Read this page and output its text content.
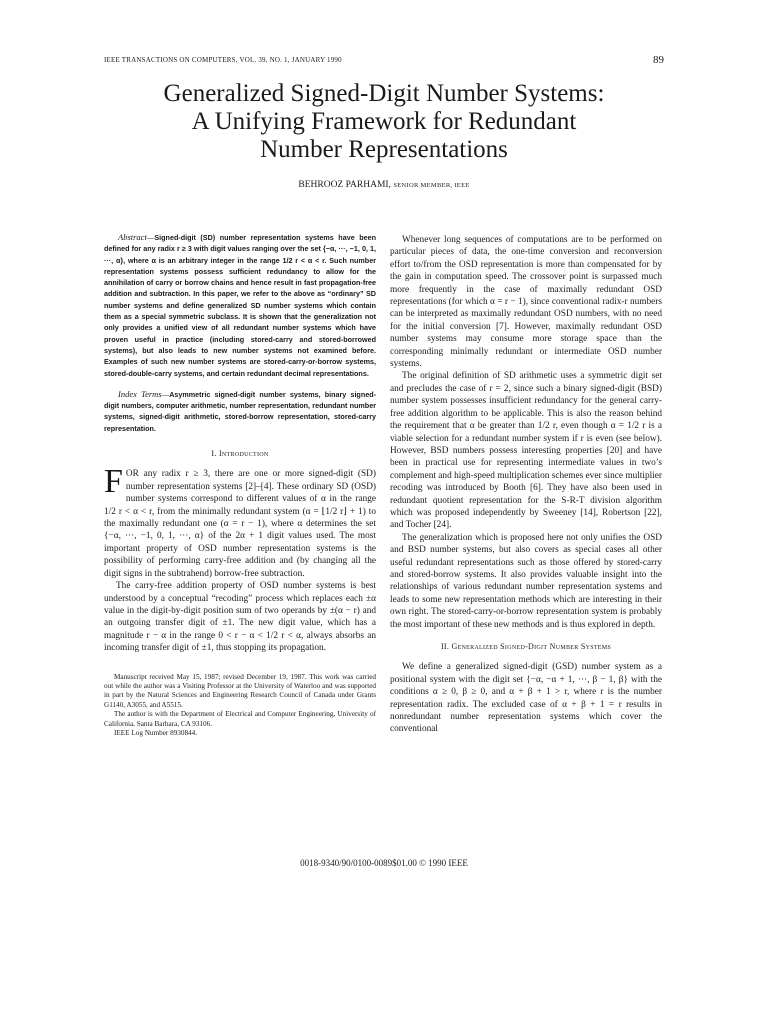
IEEE TRANSACTIONS ON COMPUTERS, VOL. 39, NO. 1, JANUARY 1990	89
Generalized Signed-Digit Number Systems:
A Unifying Framework for Redundant
Number Representations
BEHROOZ PARHAMI, SENIOR MEMBER, IEEE

Abstract—Signed-digit (SD) number representation systems have been defined for any radix r ≥ 3 with digit values ranging over the set {−α, ···, −1, 0, 1, ···, α}, where α is an arbitrary integer in the range 1/2 r < α < r. Such number representation systems possess sufficient redundancy to allow for the annihilation of carry or borrow chains and hence result in fast propagation-free addition and subtraction. In this paper, we refer to the above as “ordinary” SD number systems and define generalized SD number systems which contain them as a special symmetric subclass. It is shown that the generalization not only provides a unified view of all redundant number systems which have proven useful in practice (including stored-carry and stored-borrowed systems), but also leads to new number systems not examined before. Examples of such new number systems are stored-carry-or-borrow systems, stored-double-carry systems, and certain redundant decimal representations.

Index Terms—Asymmetric signed-digit number systems, binary signed-digit numbers, computer arithmetic, number representation, redundant number systems, signed-digit arithmetic, stored-borrow representation, stored-carry representation.

I. Introduction

FOR any radix r ≥ 3, there are one or more signed-digit (SD) number representation systems [2]–[4]. These ordinary SD (OSD) number systems correspond to different values of α in the range 1/2 r < α < r, from the minimally redundant system (α = ⌊1/2 r⌋ + 1) to the maximally redundant one (α = r − 1), where α determines the set {−α, ···, −1, 0, 1, ···, α} of the 2α + 1 digit values used. The most important property of OSD number representation systems is the possibility of performing carry-free addition and (by changing all the digit signs in the subtrahend) borrow-free subtraction.

The carry-free addition property of OSD number systems is best understood by a conceptual “recoding” process which replaces each ±α value in the digit-by-digit position sum of two operands by ±(α − r) and an outgoing transfer digit of ±1. The new digit value, which has a magnitude r − α in the range 0 < r − α < 1/2 r < α, always absorbs an incoming transfer digit of ±1, thus stopping its propagation.

Manuscript received May 15, 1987; revised December 19, 1987. This work was carried out while the author was a Visiting Professor at the University of Waterloo and was supported in part by the Natural Sciences and Engineering Research Council of Canada under Grants G1140, A3055, and A5515.

The author is with the Department of Electrical and Computer Engineering, University of California, Santa Barbara, CA 93106.

IEEE Log Number 8930844.

Whenever long sequences of computations are to be performed on particular pieces of data, the one-time conversion and reconversion effort to/from the OSD representation is more than compensated for by the gain in computation speed. The crossover point is surpassed much more frequently in the case of maximally redundant OSD representations (for which α = r − 1), since conventional radix-r numbers can be interpreted as maximally redundant OSD numbers, with no need for the initial conversion [7]. However, maximally redundant OSD number systems may consume more storage space than the corresponding minimally redundant or intermediate OSD number systems.

The original definition of SD arithmetic uses a symmetric digit set and precludes the case of r = 2, since such a binary signed-digit (BSD) number system possesses insufficient redundancy for the general carry-free addition algorithm to be applicable. This is also the reason behind the requirement that α be greater than 1/2 r, even though α = 1/2 r is a viable selection for a redundant number system if r is even (see below). However, BSD numbers possess interesting properties [20] and have been in practical use for representing intermediate values in two’s complement and high-speed multiplication schemes ever since multiplier recoding was introduced by Booth [6]. They have also been used in redundant quotient representation for the S-R-T division algorithm which was proposed independently by Sweeney [14], Robertson [22], and Tocher [24].

The generalization which is proposed here not only unifies the OSD and BSD number systems, but also covers as special cases all other useful redundant representations such as those offered by stored-carry and stored-borrow systems. It also provides valuable insight into the relationships of various redundant number representation systems and leads to some new representation methods which are interesting in their own right. The stored-carry-or-borrow representation system is probably the most important of these new methods and is thus explored in depth.

II. Generalized Signed-Digit Number Systems

We define a generalized signed-digit (GSD) number system as a positional system with the digit set {−α, −α + 1, ···, β − 1, β} with the conditions α ≥ 0, β ≥ 0, and α + β + 1 > r, where r is the number representation radix. The excluded case of α + β + 1 = r results in nonredundant number representation systems which cover the conventional

0018-9340/90/0100-0089$01.00 © 1990 IEEE
